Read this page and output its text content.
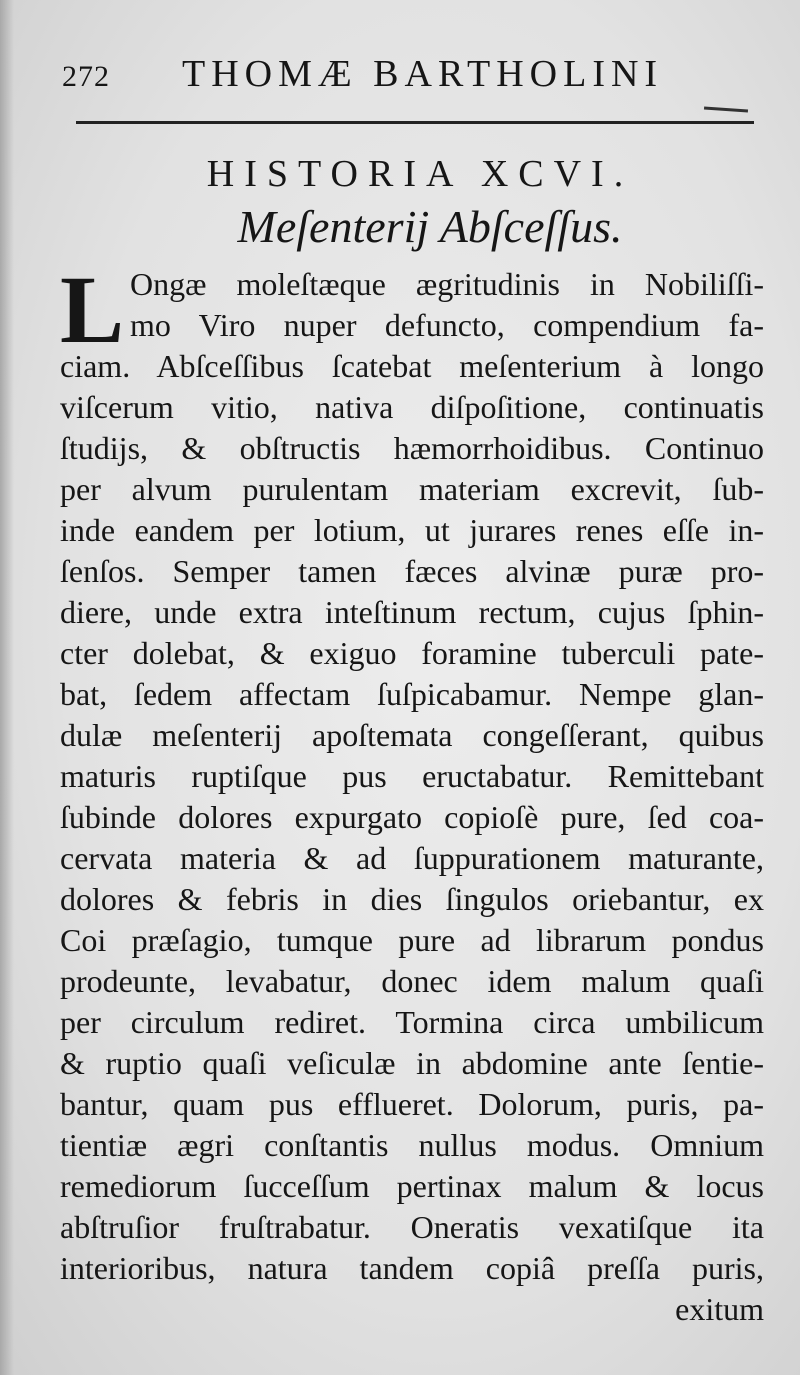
272 THOMÆ BARTHOLINI
HISTORIA XCVI.
Meſenterij Abſceſſus.
L Ongæ moleſtæque ægritudinis in Nobiliſſi-
mo Viro nuper defuncto, compendium fa-
ciam. Abſceſſibus ſcatebat meſenterium à longo
viſcerum vitio, nativa diſpoſitione, continuatis
ſtudijs, & obſtructis hæmorrhoidibus. Continuo
per alvum purulentam materiam excrevit, ſub-
inde eandem per lotium, ut jurares renes eſſe in-
ſenſos. Semper tamen fæces alvinæ puræ pro-
diere, unde extra inteſtinum rectum, cujus ſphin-
cter dolebat, & exiguo foramine tuberculi pate-
bat, ſedem affectam ſuſpicabamur. Nempe glan-
dulæ meſenterij apoſtemata congeſſerant, quibus
maturis ruptiſque pus eructabatur. Remittebant
ſubinde dolores expurgato copioſè pure, ſed coa-
cervata materia & ad ſuppurationem maturante,
dolores & febris in dies ſingulos oriebantur, ex
Coi præſagio, tumque pure ad librarum pondus
prodeunte, levabatur, donec idem malum quaſi
per circulum rediret. Tormina circa umbilicum
& ruptio quaſi veſiculæ in abdomine ante ſentie-
bantur, quam pus efflueret. Dolorum, puris, pa-
tientiæ ægri conſtantis nullus modus. Omnium
remediorum ſucceſſum pertinax malum & locus
abſtruſior fruſtrabatur. Oneratis vexatiſque ita
interioribus, natura tandem copiâ preſſa puris,
exitum
